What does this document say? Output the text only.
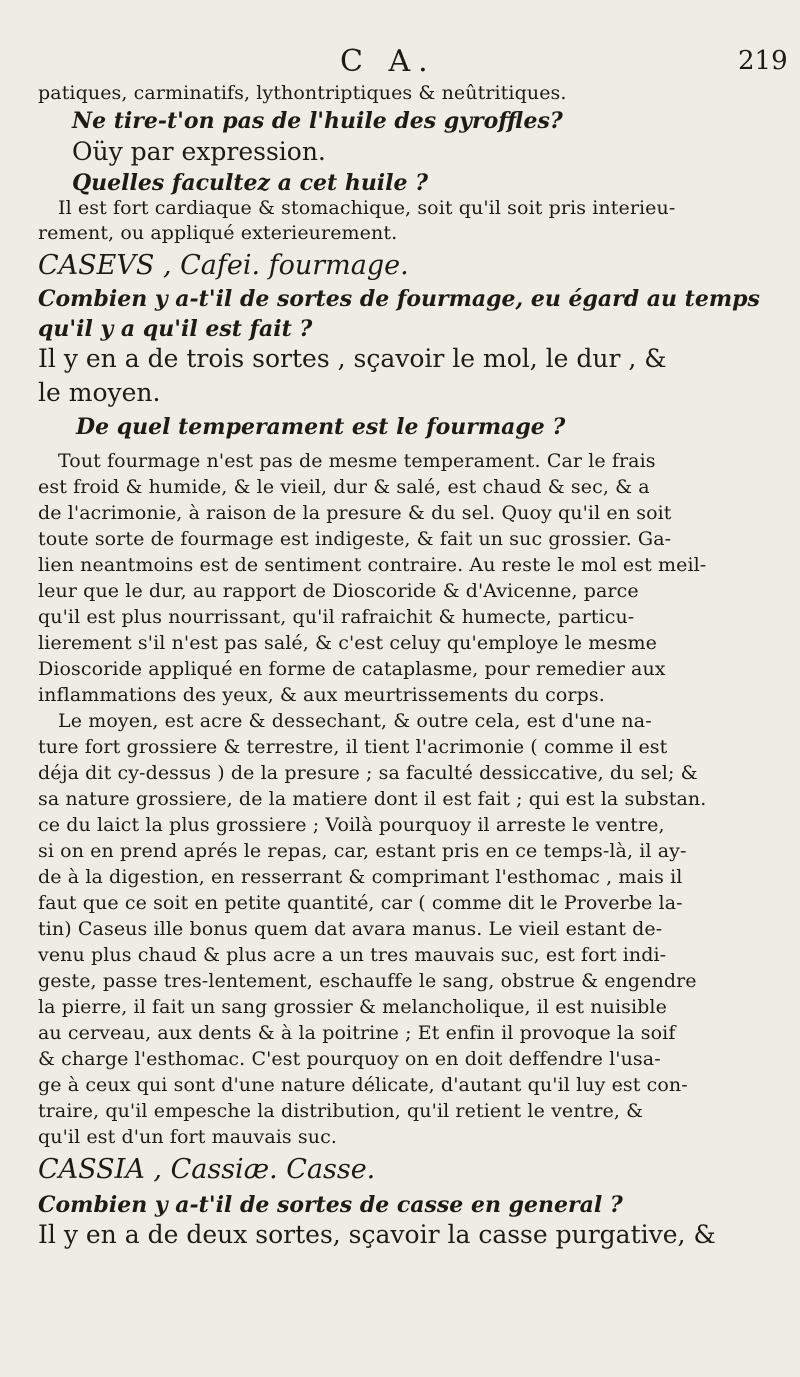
C A.	219
patiques, carminatifs, lythontriptiques & neûtritiques.
Ne tire-t'on pas de l'huile des gyroffles?
Oüy par expression.
Quelles facultez a cet huile ?
Il est fort cardiaque & stomachique, soit qu'il soit pris interieu-
rement, ou appliqué exterieurement.
CASEVS , Cafei. fourmage.
Combien y a-t'il de sortes de fourmage, eu égard au temps
qu'il y a qu'il est fait ?
Il y en a de trois sortes , sçavoir le mol, le dur , &
le moyen.
De quel temperament est le fourmage ?
Tout fourmage n'est pas de mesme temperament. Car le frais
est froid & humide, & le vieil, dur & salé, est chaud & sec, & a
de l'acrimonie, à raison de la presure & du sel. Quoy qu'il en soit
toute sorte de fourmage est indigeste, & fait un suc grossier. Ga-
lien neantmoins est de sentiment contraire. Au reste le mol est meil-
leur que le dur, au rapport de Dioscoride & d'Avicenne, parce
qu'il est plus nourrissant, qu'il rafraichit & humecte, particu-
lierement s'il n'est pas salé, & c'est celuy qu'employe le mesme
Dioscoride appliqué en forme de cataplasme, pour remedier aux
inflammations des yeux, & aux meurtrissements du corps.
Le moyen, est acre & dessechant, & outre cela, est d'une na-
ture fort grossiere & terrestre, il tient l'acrimonie ( comme il est
déja dit cy-dessus ) de la presure ; sa faculté dessiccative, du sel; &
sa nature grossiere, de la matiere dont il est fait ; qui est la substan.
ce du laict la plus grossiere ; Voilà pourquoy il arreste le ventre,
si on en prend aprés le repas, car, estant pris en ce temps-là, il ay-
de à la digestion, en resserrant & comprimant l'esthomac , mais il
faut que ce soit en petite quantité, car ( comme dit le Proverbe la-
tin) Caseus ille bonus quem dat avara manus. Le vieil estant de-
venu plus chaud & plus acre a un tres mauvais suc, est fort indi-
geste, passe tres-lentement, eschauffe le sang, obstrue & engendre
la pierre, il fait un sang grossier & melancholique, il est nuisible
au cerveau, aux dents & à la poitrine ; Et enfin il provoque la soif
& charge l'esthomac. C'est pourquoy on en doit deffendre l'usa-
ge à ceux qui sont d'une nature délicate, d'autant qu'il luy est con-
traire, qu'il empesche la distribution, qu'il retient le ventre, &
qu'il est d'un fort mauvais suc.
CASSIA , Cassiæ. Casse.
Combien y a-t'il de sortes de casse en general ?
Il y en a de deux sortes, sçavoir la casse purgative, &
